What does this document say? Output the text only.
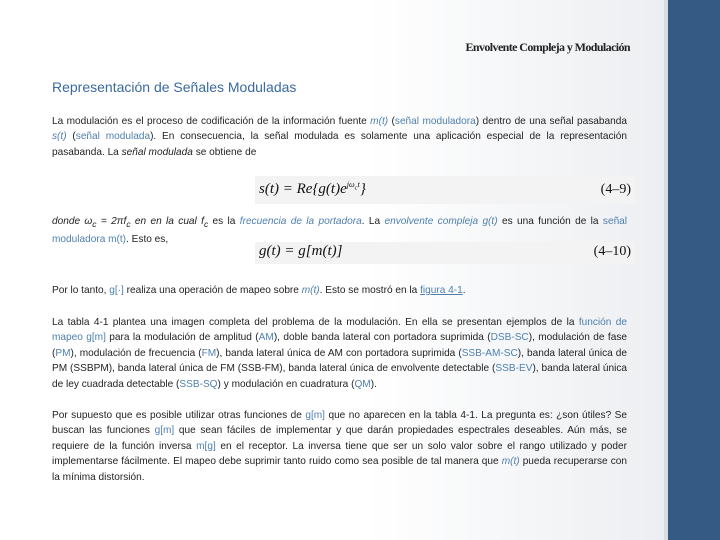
Envolvente Compleja y Modulación
Representación de Señales Moduladas
La modulación es el proceso de codificación de la información fuente m(t) (señal moduladora) dentro de una señal pasabanda s(t) (señal modulada). En consecuencia, la señal modulada es solamente una aplicación especial de la representación pasabanda. La señal modulada se obtiene de
$s(t) = Re\{g(t)e^{j\omega_ct}\}$	(4–9)
donde $\omega_c = 2\pi f_c$ en en la cual $f_c$ es la frecuencia de la portadora. La envolvente compleja g(t) es una función de la señal moduladora m(t). Esto es,
g(t) = g[m(t)]	(4–10)
Por lo tanto, g[·] realiza una operación de mapeo sobre m(t). Esto se mostró en la figura 4-1.
La tabla 4-1 plantea una imagen completa del problema de la modulación. En ella se presentan ejemplos de la función de mapeo g[m] para la modulación de amplitud (AM), doble banda lateral con portadora suprimida (DSB-SC), modulación de fase (PM), modulación de frecuencia (FM), banda lateral única de AM con portadora suprimida (SSB-AM-SC), banda lateral única de PM (SSBPM), banda lateral única de FM (SSB-FM), banda lateral única de envolvente detectable (SSB-EV), banda lateral única de ley cuadrada detectable (SSB-SQ) y modulación en cuadratura (QM).
Por supuesto que es posible utilizar otras funciones de g[m] que no aparecen en la tabla 4-1. La pregunta es: ¿son útiles? Se buscan las funciones g[m] que sean fáciles de implementar y que darán propiedades espectrales deseables. Aún más, se requiere de la función inversa m[g] en el receptor. La inversa tiene que ser un solo valor sobre el rango utilizado y poder implementarse fácilmente. El mapeo debe suprimir tanto ruido como sea posible de tal manera que m(t) pueda recuperarse con la mínima distorsión.
